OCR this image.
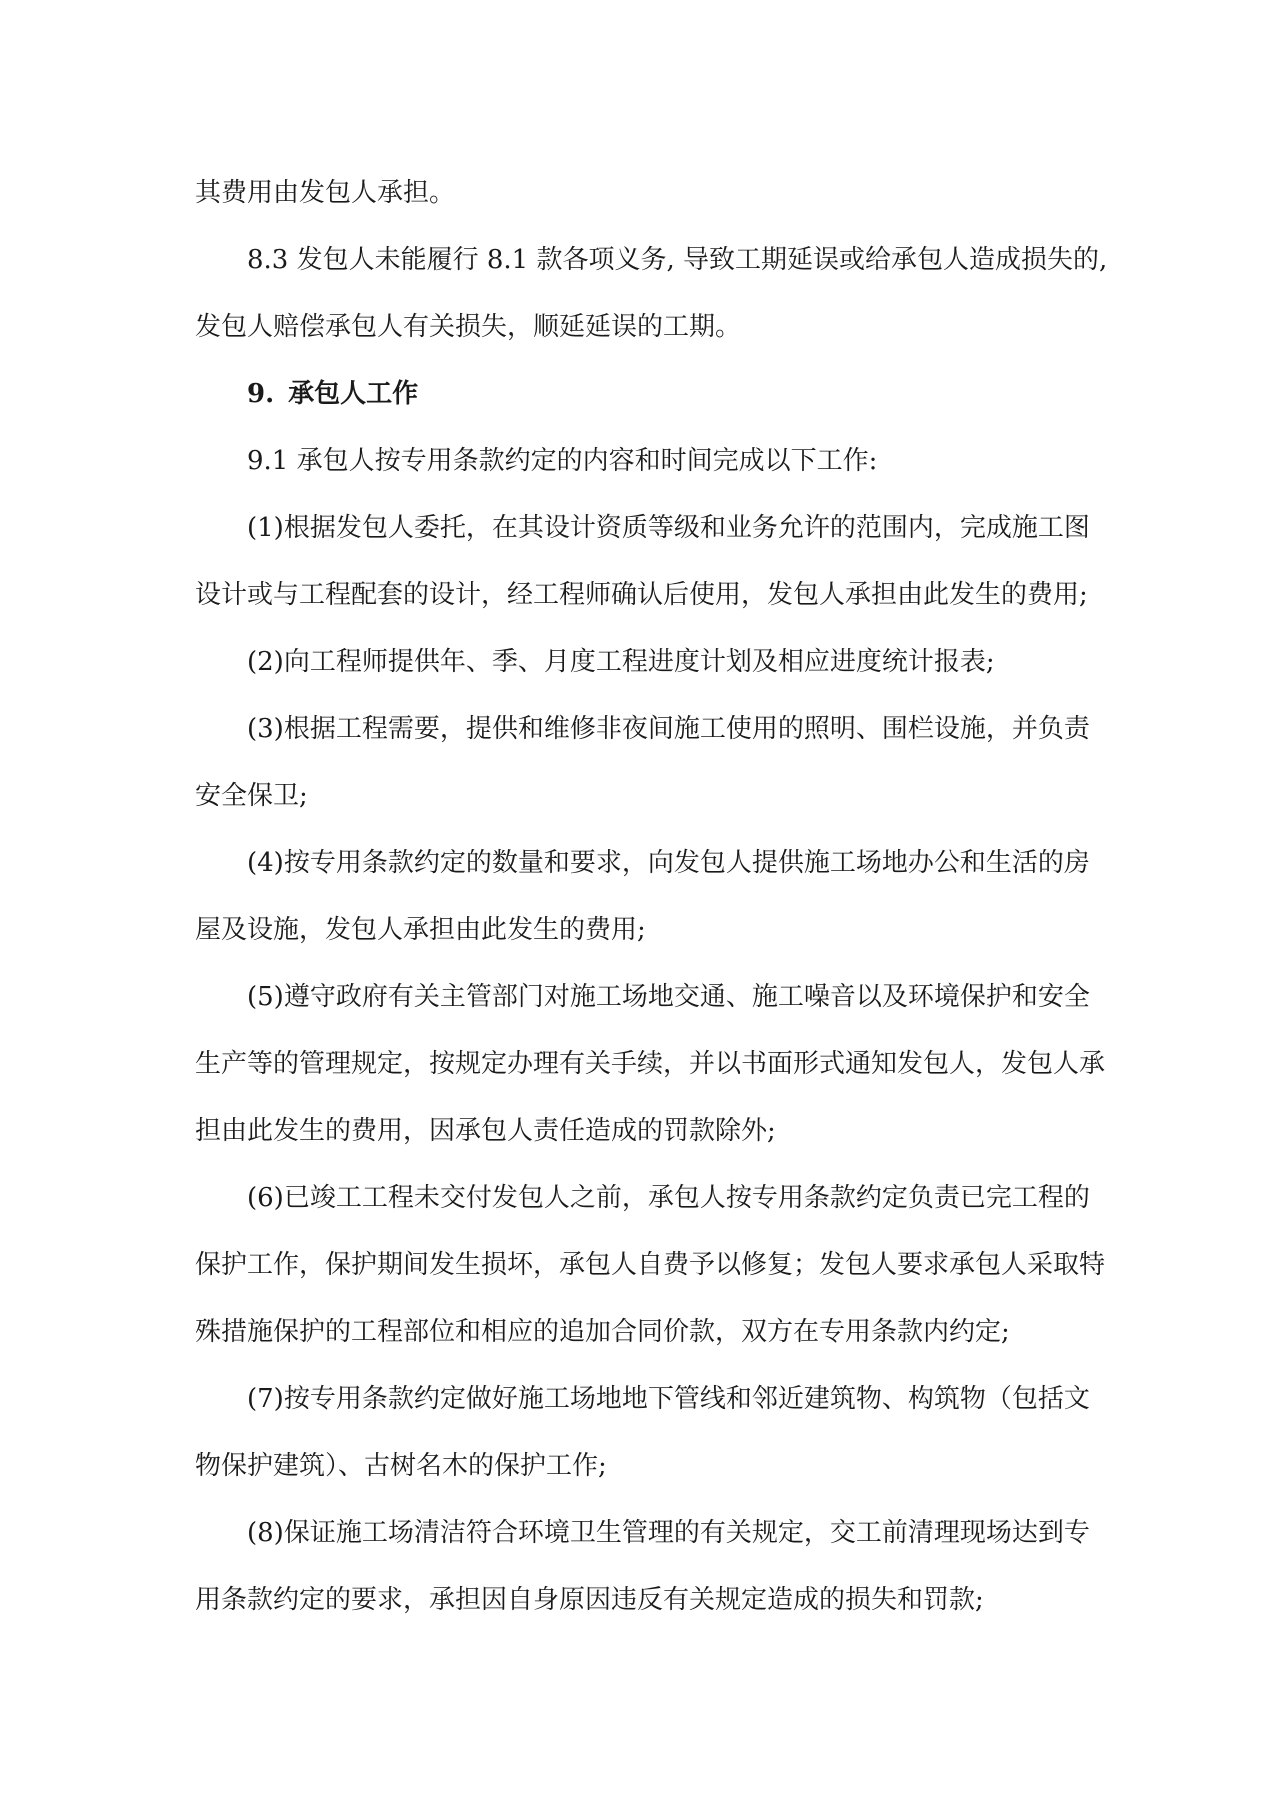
其费用由发包人承担。

8.3 发包人未能履行 8.1 款各项义务, 导致工期延误或给承包人造成损失的,
发包人赔偿承包人有关损失，顺延延误的工期。

9. 承包人工作

9.1 承包人按专用条款约定的内容和时间完成以下工作:

(1)根据发包人委托，在其设计资质等级和业务允许的范围内，完成施工图
设计或与工程配套的设计，经工程师确认后使用，发包人承担由此发生的费用;

(2)向工程师提供年、季、月度工程进度计划及相应进度统计报表;

(3)根据工程需要，提供和维修非夜间施工使用的照明、围栏设施，并负责
安全保卫;

(4)按专用条款约定的数量和要求，向发包人提供施工场地办公和生活的房
屋及设施，发包人承担由此发生的费用;

(5)遵守政府有关主管部门对施工场地交通、施工噪音以及环境保护和安全
生产等的管理规定，按规定办理有关手续，并以书面形式通知发包人，发包人承
担由此发生的费用，因承包人责任造成的罚款除外;

(6)已竣工工程未交付发包人之前，承包人按专用条款约定负责已完工程的
保护工作，保护期间发生损坏，承包人自费予以修复；发包人要求承包人采取特
殊措施保护的工程部位和相应的追加合同价款，双方在专用条款内约定;

(7)按专用条款约定做好施工场地地下管线和邻近建筑物、构筑物（包括文
物保护建筑）、古树名木的保护工作;

(8)保证施工场清洁符合环境卫生管理的有关规定，交工前清理现场达到专
用条款约定的要求，承担因自身原因违反有关规定造成的损失和罚款;
